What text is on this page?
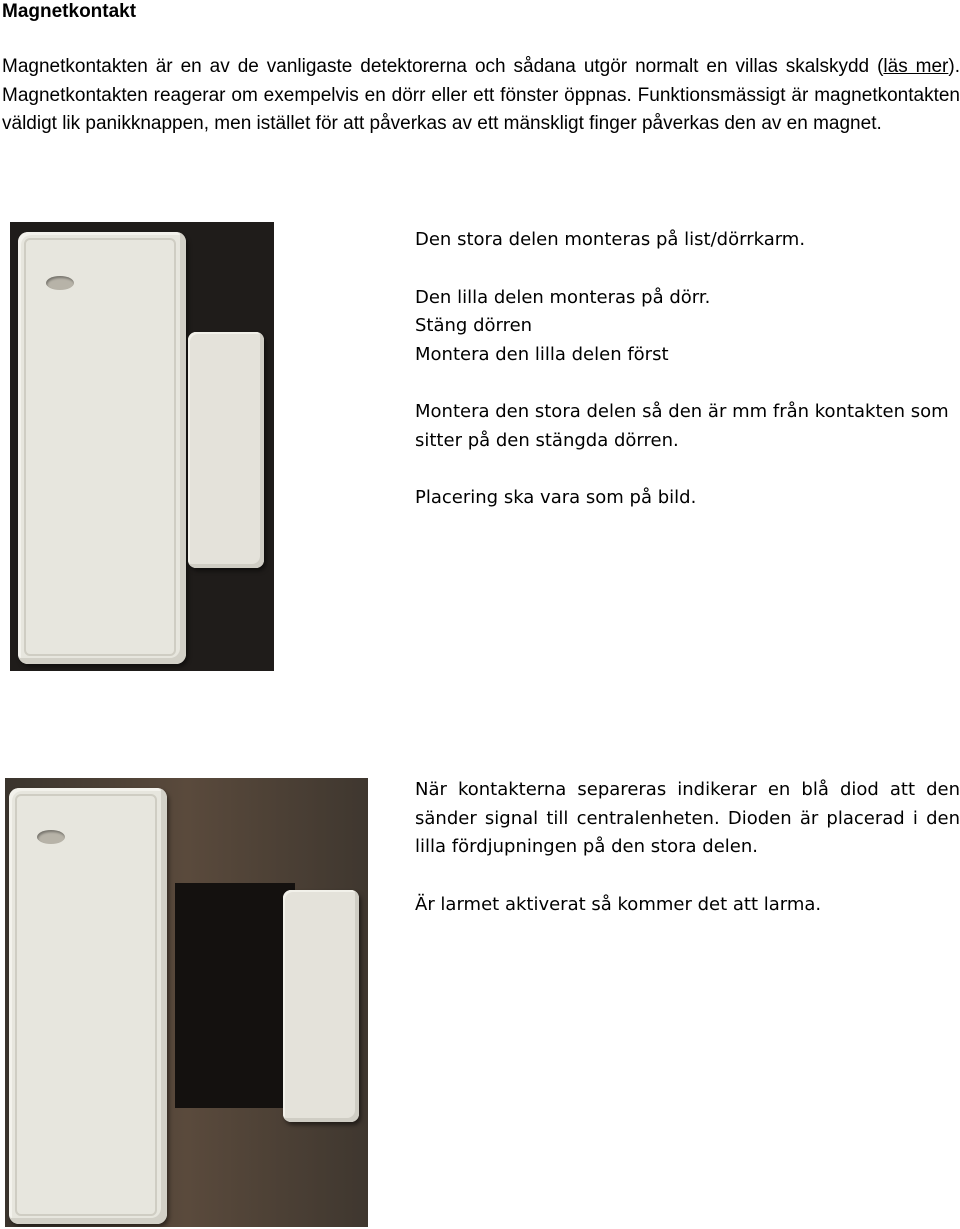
Magnetkontakt

Magnetkontakten är en av de vanligaste detektorerna och sådana utgör normalt en villas skalskydd (läs mer). Magnetkontakten reagerar om exempelvis en dörr eller ett fönster öppnas. Funktionsmässigt är magnetkontakten väldigt lik panikknappen, men istället för att påverkas av ett mänskligt finger påverkas den av en magnet.

Den stora delen monteras på list/dörrkarm.

Den lilla delen monteras på dörr.

Stäng dörren

Montera den lilla delen först

Montera den stora delen så den är mm från kontakten som sitter på den stängda dörren.

Placering ska vara som på bild.

När kontakterna separeras indikerar en blå diod att den sänder signal till centralenheten. Dioden är placerad i den lilla fördjupningen på den stora delen.

Är larmet aktiverat så kommer det att larma.
